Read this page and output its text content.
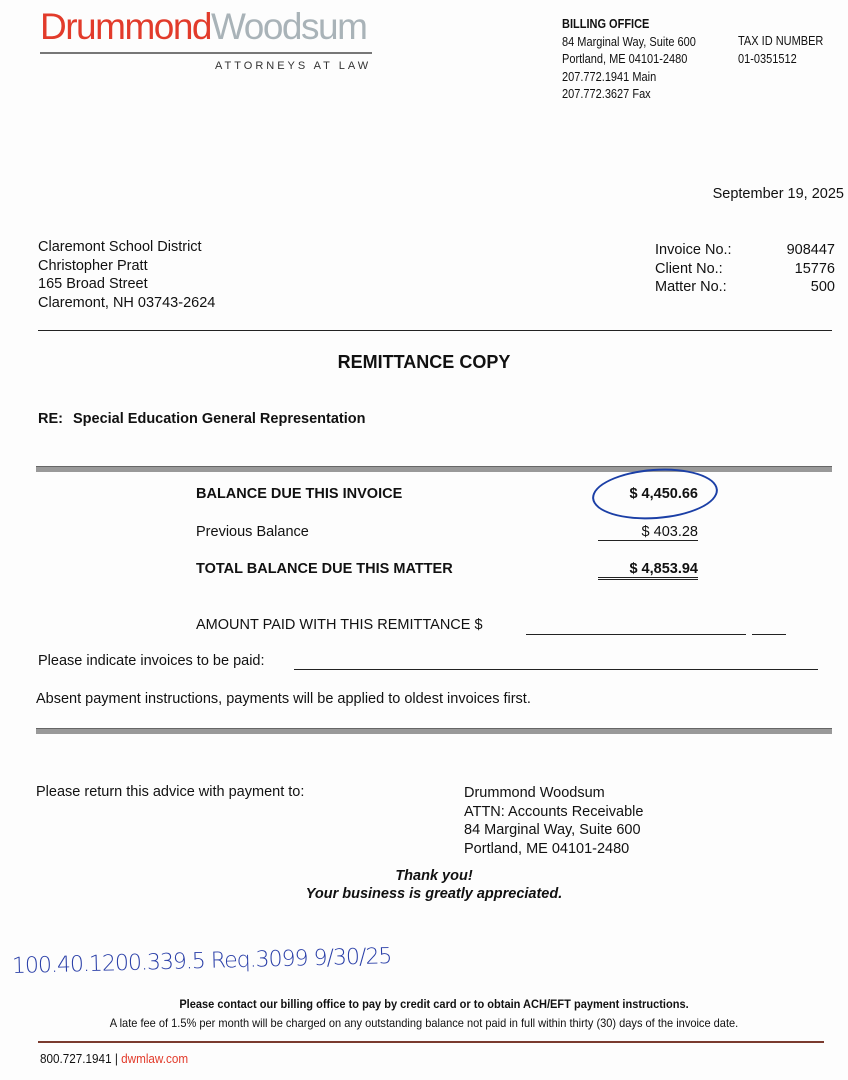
DrummondWoodsum
ATTORNEYS AT LAW
BILLING OFFICE
84 Marginal Way, Suite 600
Portland, ME 04101-2480
207.772.1941 Main
207.772.3627 Fax
TAX ID NUMBER
01-0351512
September 19, 2025
Claremont School District
Christopher Pratt
165 Broad Street
Claremont, NH 03743-2624
Invoice No.:	908447
Client No.:	15776
Matter No.:	500
REMITTANCE COPY
RE: Special Education General Representation
BALANCE DUE THIS INVOICE	$ 4,450.66
Previous Balance	$ 403.28
TOTAL BALANCE DUE THIS MATTER	$ 4,853.94
AMOUNT PAID WITH THIS REMITTANCE $
Please indicate invoices to be paid:
Absent payment instructions, payments will be applied to oldest invoices first.
Please return this advice with payment to:	Drummond Woodsum
ATTN: Accounts Receivable
84 Marginal Way, Suite 600
Portland, ME 04101-2480
Thank you!
Your business is greatly appreciated.
100.40.1200.339.5 Req.3099 9/30/25
Please contact our billing office to pay by credit card or to obtain ACH/EFT payment instructions.
A late fee of 1.5% per month will be charged on any outstanding balance not paid in full within thirty (30) days of the invoice date.
800.727.1941 | dwmlaw.com
